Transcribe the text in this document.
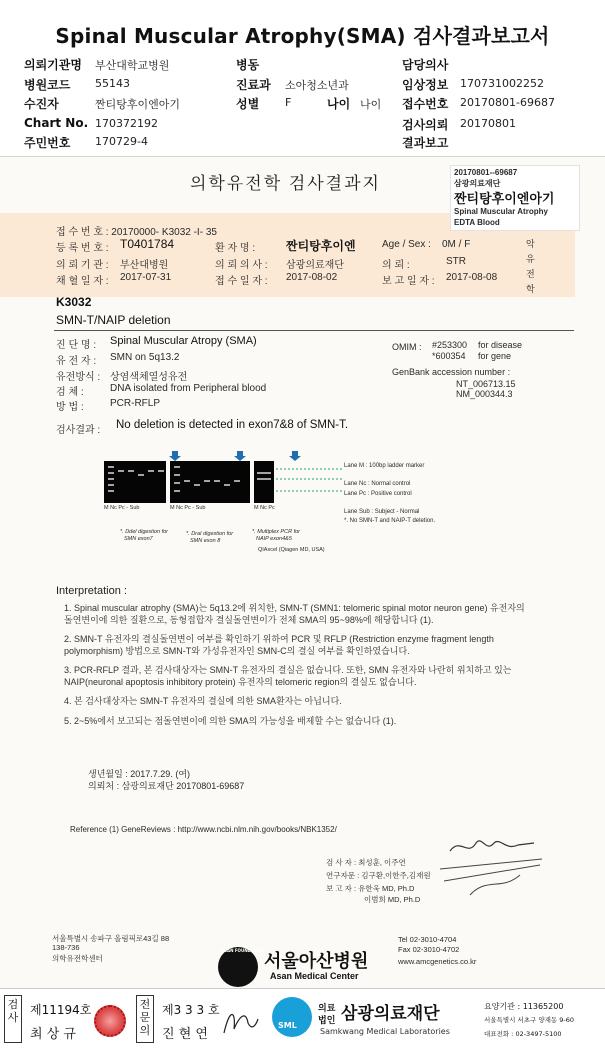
Spinal Muscular Atrophy(SMA) 검사결과보고서
의뢰기관명 부산대학교병원	병동	담당의사
병원코드 55143	진료과 소아청소년과	임상정보 170731002252
수진자	짠티탕후이엔아기	성별 F	나이 나이 접수번호 20170801-69687
Chart No. 170372192	검사의뢰 20170801
주민번호 170729-4	결과보고
의학유전학 검사결과지
20170801--69687
삼광의료재단
짠티탕후이엔아기
Spinal Muscular Atrophy
EDTA Blood
접 수 번 호 : 20170000- K3032 -I- 35
등 록 번 호 : T0401784	환 자 명 :	짠티탕후이엔	Age / Sex : 0M / F
의 뢰 기 관 : 부산대병원	의 뢰 의 사 : 삼광의료재단	의 뢰 :	STR
채 혈 일 자 : 2017-07-31	접 수 일 자 : 2017-08-02	보 고 일 자 : 2017-08-08
악유전학
K3032
SMN-T/NAIP deletion
진 단 명 : Spinal Muscular Atropy (SMA)
유 전 자 : SMN on 5q13.2
유전방식 : 상염색체열성유전
검 체 :	DNA isolated from Peripheral blood
방 법 :	PCR-RFLP
OMIM : #253300 for disease
*600354 for gene
GenBank accession number :
NT_006713.15
NM_000344.3
검사결과 : No deletion is detected in exon7&8 of SMN-T.
M Nc Pc - Sub	M Nc Pc - Sub	M Nc Pc
*. Ddel digestion for
SMN exon7
*. DraI digestion for
SMN exon 8
*. Multiplex PCR for
NAIP exon4&5
QIAxcel (Qiagen MD, USA)
Lane M : 100bp ladder marker
Lane Nc : Normal control
Lane Pc : Positive control
Lane Sub : Subject - Normal
*. No SMN-T and NAIP-T deletion.
Interpretation :

1. Spinal muscular atrophy (SMA)는 5q13.2에 위치한, SMN-T (SMN1: telomeric spinal motor neuron gene) 유전자의 돌연변이에 의한 질환으로, 동형접합자 결실돌연변이가 전체 SMA의 95~98%에 해당합니다 (1).

2. SMN-T 유전자의 결실돌연변이 여부를 확인하기 위하여 PCR 및 RFLP (Restriction enzyme fragment length polymorphism) 방법으로 SMN-T와 가성유전자인 SMN-C의 결실 여부를 확인하였습니다.

3. PCR-RFLP 결과, 본 검사대상자는 SMN-T 유전자의 결실은 없습니다. 또한, SMN 유전자와 나란히 위치하고 있는 NAIP(neuronal apoptosis inhibitory protein) 유전자의 telomeric region의 결실도 없습니다.

4. 본 검사대상자는 SMN-T 유전자의 결실에 의한 SMA환자는 아닙니다.

5. 2~5%에서 보고되는 점돌연변이에 의한 SMA의 가능성을 배제할 수는 없습니다 (1).

생년월일 : 2017.7.29. (여)
의뢰처 : 삼광의료재단 20170801-69687
Reference (1) GeneReviews : http://www.ncbi.nlm.nih.gov/books/NBK1352/
검 사 자 : 최성훈, 이주연
연구자문 : 김구환,이한주,김재원
보 고 자 : 유한욱 MD, Ph.D
이범희 MD, Ph.D
서울특별시 송파구 올림픽로43길 88
138-736
의학유전학센터
Tel 02-3010-4704
Fax 02-3010-4702
www.amcgenetics.co.kr
ASAN FOUNDATION
서울아산병원
Asan Medical Center
검사
제11194호
최 상 규
전문의
제3 3 3 호
진 현 연
SML
의료
법인 삼광의료재단
Samkwang Medical Laboratories
요양기관 : 11365200
서울특별시 서초구 양재동 9-60
대표전화 : 02-3497-5100
